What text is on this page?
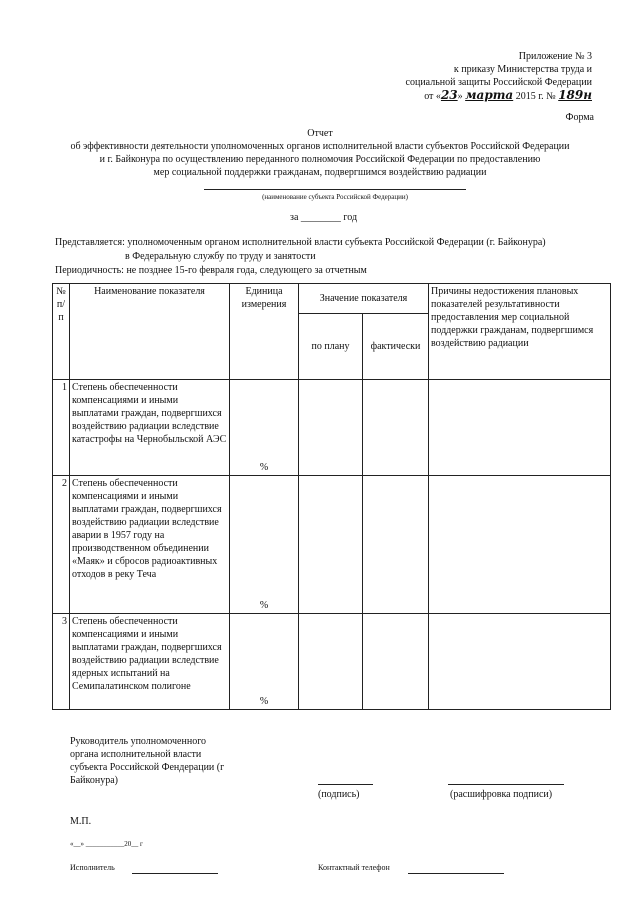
Приложение № 3
к приказу Министерства труда и
социальной защиты Российской Федерации
от «23» марта 2015 г. № 189н
Форма
Отчет
об эффективности деятельности уполномоченных органов исполнительной власти субъектов Российской Федерации
и г. Байконура по осуществлению переданного полномочия Российской Федерации по предоставлению
мер социальной поддержки гражданам, подвергшимся воздействию радиации
(наименование субъекта Российской Федерации)
за ________ год
Представляется: уполномоченным органом исполнительной власти субъекта Российской Федерации (г. Байконура)
в Федеральную службу по труду и занятости
Периодичность: не позднее 15-го февраля года, следующего за отчетным
№ п/п	Наименование показателя	Единица измерения	Значение показателя		Причины недостижения плановых показателей результативности предоставления мер социальной поддержки гражданам, подвергшимся воздействию радиации
			по плану	фактически	
1	Степень обеспеченности компенсациями и иными выплатами граждан, подвергшихся воздействию радиации вследствие катастрофы на Чернобыльской АЭС	%			
2	Степень обеспеченности компенсациями и иными выплатами граждан, подвергшихся воздействию радиации вследствие аварии в 1957 году на производственном объединении «Маяк» и сбросов радиоактивных отходов в реку Теча	%			
3	Степень обеспеченности компенсациями и иными выплатами граждан, подвергшихся воздействию радиации вследствие ядерных испытаний на Семипалатинском полигоне	%			
Руководитель уполномоченного
органа исполнительной власти
субъекта Российской Фендерации (г
Байконура)
(подпись)	(расшифровка подписи)
М.П.
«__» ___________20__ г
Исполнитель	Контактный телефон
